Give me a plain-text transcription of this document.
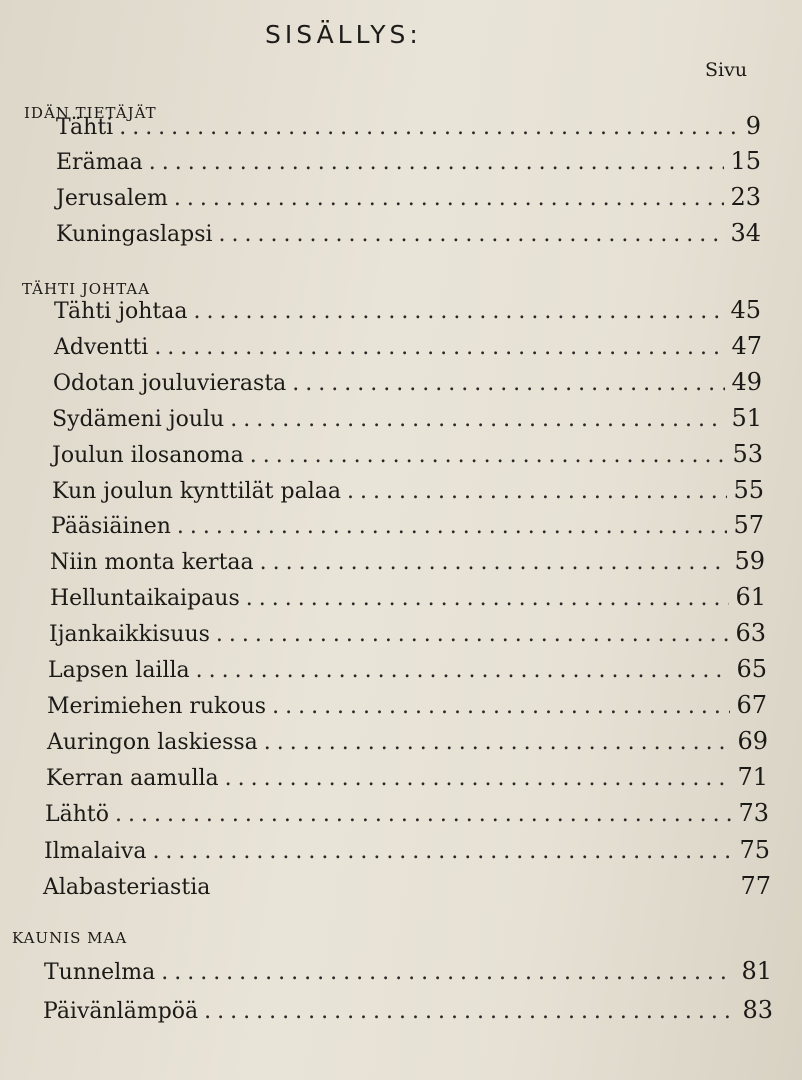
SISÄLLYS:
Sivu
IDÄN TIETÄJÄT
Tähti .....	9
Erämaa .....	15
Jerusalem .....	23
Kuningaslapsi .....	34
TÄHTI JOHTAA
Tähti johtaa .....	45
Adventti .....	47
Odotan jouluvierasta .....	49
Sydämeni joulu .....	51
Joulun ilosanoma .....	53
Kun joulun kynttilät palaa .....	55
Pääsiäinen .....	57
Niin monta kertaa .....	59
Helluntaikaipaus .....	61
Ijankaikkisuus .....	63
Lapsen lailla .....	65
Merimiehen rukous .....	67
Auringon laskiessa .....	69
Kerran aamulla .....	71
Lähtö .....	73
Ilmalaiva .....	75
Alabasteriastia	77
KAUNIS MAA
Tunnelma .....	81
Päivänlämpöä .....	83
